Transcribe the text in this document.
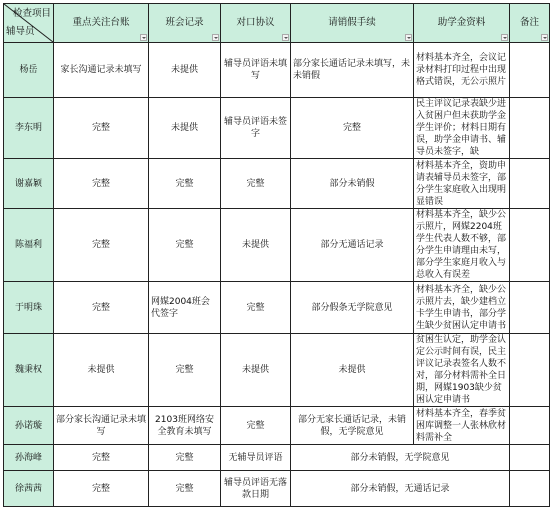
检查项目
辅导员	重点关注台账	班会记录	对口协议	请销假手续	助学金资料	备注

杨岳	家长沟通记录未填写	未提供	辅导员评语未填写	部分家长通话记录未填写，未未销假	材料基本齐全，会议记录材料打印过程中出现格式错误，无公示照片	
李东明	完整	未提供	辅导员评语未签字	完整	民主评议记录表缺少进入贫困户但未获助学金学生评价；材料日期有误，助学金申请书、辅导员未签字，缺	
谢嘉颖	完整	完整	完整	部分未销假	材料基本齐全，资助申请表辅导员未签字，部分学生家庭收入出现明显错误	
陈福利	完整	完整	未提供	部分无通话记录	材料基本齐全，缺少公示照片，网媒2204班学生代表人数不够，部分学生申请理由未写，部分学生家庭月收入与总收入有误差	
于明珠	完整	网媒2004班会代签字	完整	部分假条无学院意见	材料基本齐全，缺少公示照片去，缺少建档立卡学生申请书，部分学生缺少贫困认定申请书	
魏秉权	未提供	完整	未提供	未提供	贫困生认定，助学金认定公示时间有误，民主评议记录表签名人数不对，部分材料需补全日期，网媒1903缺少贫困认定申请书	
孙诺璇	部分家长沟通记录未填写	2103班网络安全教育未填写	完整	部分无家长通话记录，未销假，无学院意见	材料基本齐全，春季贫困库调整一人张林欣材料需补全	
孙海峰	完整	完整	无辅导员评语	部分未销假，无学院意见		
徐茜茜	完整	完整	辅导员评语无落款日期	部分未销假，无通话记录		
